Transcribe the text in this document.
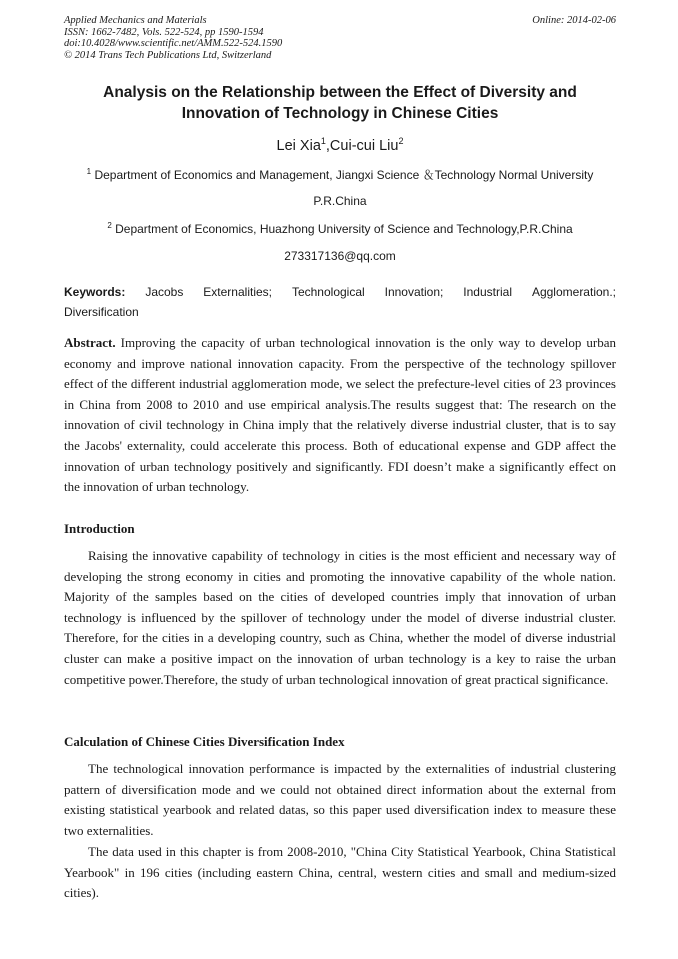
Applied Mechanics and Materials
ISSN: 1662-7482, Vols. 522-524, pp 1590-1594
doi:10.4028/www.scientific.net/AMM.522-524.1590
© 2014 Trans Tech Publications Ltd, Switzerland
Online: 2014-02-06
Analysis on the Relationship between the Effect of Diversity and
Innovation of Technology in Chinese Cities
Lei Xia$^1$,Cui-cui Liu$^2$
$^1$ Department of Economics and Management, Jiangxi Science ＆Technology Normal University
P.R.China
$^2$ Department of Economics, Huazhong University of Science and Technology,P.R.China
273317136@qq.com
Keywords: Jacobs Externalities; Technological Innovation; Industrial Agglomeration.;
Diversification
Abstract. Improving the capacity of urban technological innovation is the only way to develop urban economy and improve national innovation capacity. From the perspective of the technology spillover effect of the different industrial agglomeration mode, we select the prefecture-level cities of 23 provinces in China from 2008 to 2010 and use empirical analysis.The results suggest that: The research on the innovation of civil technology in China imply that the relatively diverse industrial cluster, that is to say the Jacobs' externality, could accelerate this process. Both of educational expense and GDP affect the innovation of urban technology positively and significantly. FDI doesn’t make a significantly effect on the innovation of urban technology.
Introduction
Raising the innovative capability of technology in cities is the most efficient and necessary way of developing the strong economy in cities and promoting the innovative capability of the whole nation. Majority of the samples based on the cities of developed countries imply that innovation of urban technology is influenced by the spillover of technology under the model of diverse industrial cluster. Therefore, for the cities in a developing country, such as China, whether the model of diverse industrial cluster can make a positive impact on the innovation of urban technology is a key to raise the urban competitive power.Therefore, the study of urban technological innovation of great practical significance.
Calculation of Chinese Cities Diversification Index
The technological innovation performance is impacted by the externalities of industrial clustering pattern of diversification mode and we could not obtained direct information about the external from existing statistical yearbook and related datas, so this paper used diversification index to measure these two externalities.
The data used in this chapter is from 2008-2010, "China City Statistical Yearbook, China Statistical Yearbook" in 196 cities (including eastern China, central, western cities and small and medium-sized cities).
